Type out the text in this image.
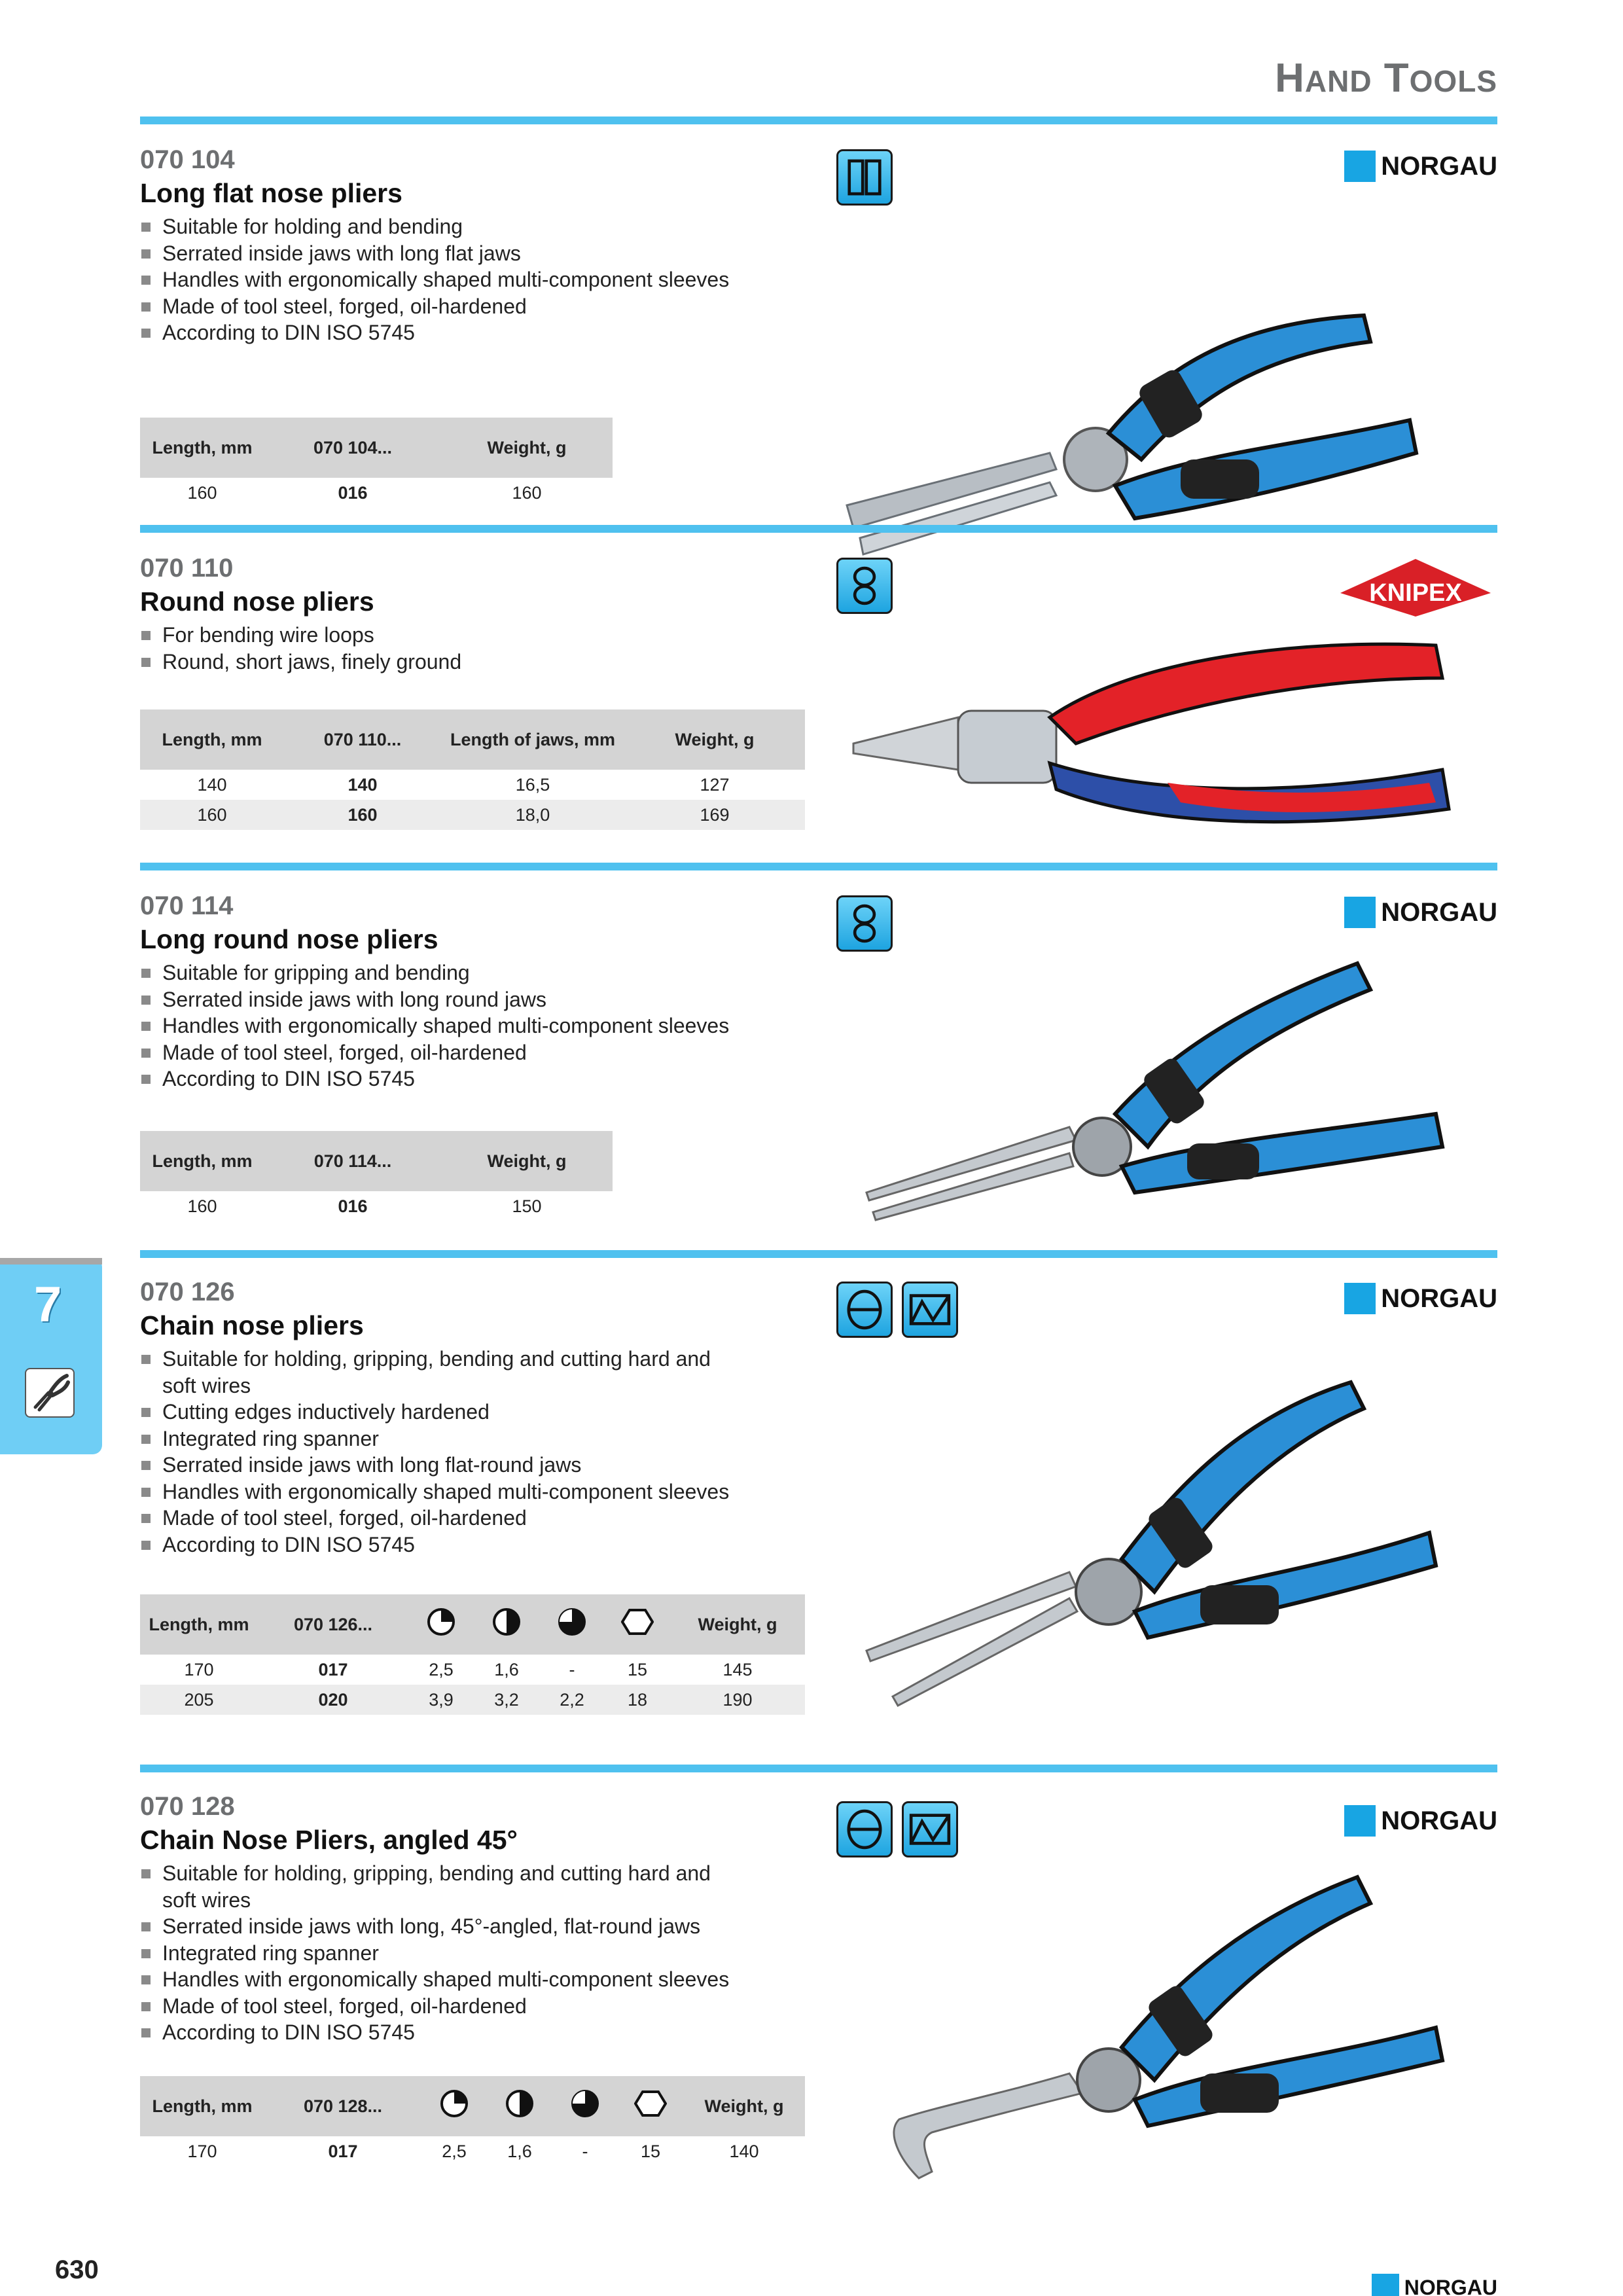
HAND TOOLS
070 104
Long flat nose pliers
Suitable for holding and bending
Serrated inside jaws with long flat jaws
Handles with ergonomically shaped multi-component sleeves
Made of tool steel, forged, oil-hardened
According to DIN ISO 5745
Length, mm	070 104...	Weight, g
160	016	160
NORGAU
070 110
Round nose pliers
For bending wire loops
Round, short jaws, finely ground
Length, mm	070 110...	Length of jaws, mm	Weight, g
140	140	16,5	127
160	160	18,0	169
KNIPEX
070 114
Long round nose pliers
Suitable for gripping and bending
Serrated inside jaws with long round jaws
Handles with ergonomically shaped multi-component sleeves
Made of tool steel, forged, oil-hardened
According to DIN ISO 5745
Length, mm	070 114...	Weight, g
160	016	150
NORGAU
070 126
Chain nose pliers
Suitable for holding, gripping, bending and cutting hard and soft wires
Cutting edges inductively hardened
Integrated ring spanner
Serrated inside jaws with long flat-round jaws
Handles with ergonomically shaped multi-component sleeves
Made of tool steel, forged, oil-hardened
According to DIN ISO 5745
Length, mm	070 126...					Weight, g
170	017	2,5	1,6	-	15	145
205	020	3,9	3,2	2,2	18	190
NORGAU
070 128
Chain Nose Pliers, angled 45°
Suitable for holding, gripping, bending and cutting hard and soft wires
Serrated inside jaws with long, 45°-angled, flat-round jaws
Integrated ring spanner
Handles with ergonomically shaped multi-component sleeves
Made of tool steel, forged, oil-hardened
According to DIN ISO 5745
Length, mm	070 128...					Weight, g
170	017	2,5	1,6	-	15	140
NORGAU
7
630
NORGAU
